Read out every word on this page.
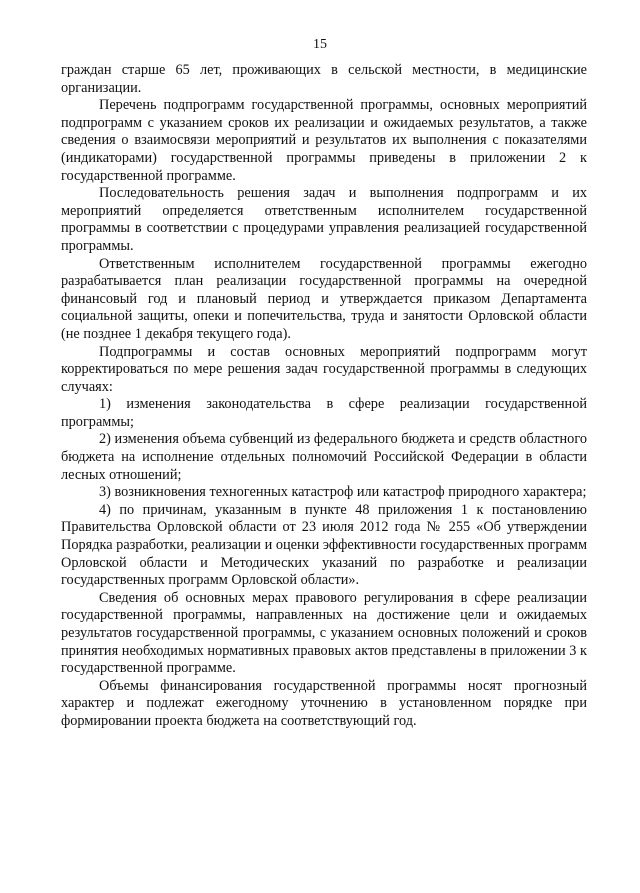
15

граждан старше 65 лет, проживающих в сельской местности, в медицинские организации.

Перечень подпрограмм государственной программы, основных мероприятий подпрограмм с указанием сроков их реализации и ожидаемых результатов, а также сведения о взаимосвязи мероприятий и результатов их выполнения с показателями (индикаторами) государственной программы приведены в приложении 2 к государственной программе.

Последовательность решения задач и выполнения подпрограмм и их мероприятий определяется ответственным исполнителем государственной программы в соответствии с процедурами управления реализацией государственной программы.

Ответственным исполнителем государственной программы ежегодно разрабатывается план реализации государственной программы на очередной финансовый год и плановый период и утверждается приказом Департамента социальной защиты, опеки и попечительства, труда и занятости Орловской области (не позднее 1 декабря текущего года).

Подпрограммы и состав основных мероприятий подпрограмм могут корректироваться по мере решения задач государственной программы в следующих случаях:

1) изменения законодательства в сфере реализации государственной программы;

2) изменения объема субвенций из федерального бюджета и средств областного бюджета на исполнение отдельных полномочий Российской Федерации в области лесных отношений;

3) возникновения техногенных катастроф или катастроф природного характера;

4) по причинам, указанным в пункте 48 приложения 1 к постановлению Правительства Орловской области от 23 июля 2012 года № 255 «Об утверждении Порядка разработки, реализации и оценки эффективности государственных программ Орловской области и Методических указаний по разработке и реализации государственных программ Орловской области».

Сведения об основных мерах правового регулирования в сфере реализации государственной программы, направленных на достижение цели и ожидаемых результатов государственной программы, с указанием основных положений и сроков принятия необходимых нормативных правовых актов представлены в приложении 3 к государственной программе.

Объемы финансирования государственной программы носят прогнозный характер и подлежат ежегодному уточнению в установленном порядке при формировании проекта бюджета на соответствующий год.
